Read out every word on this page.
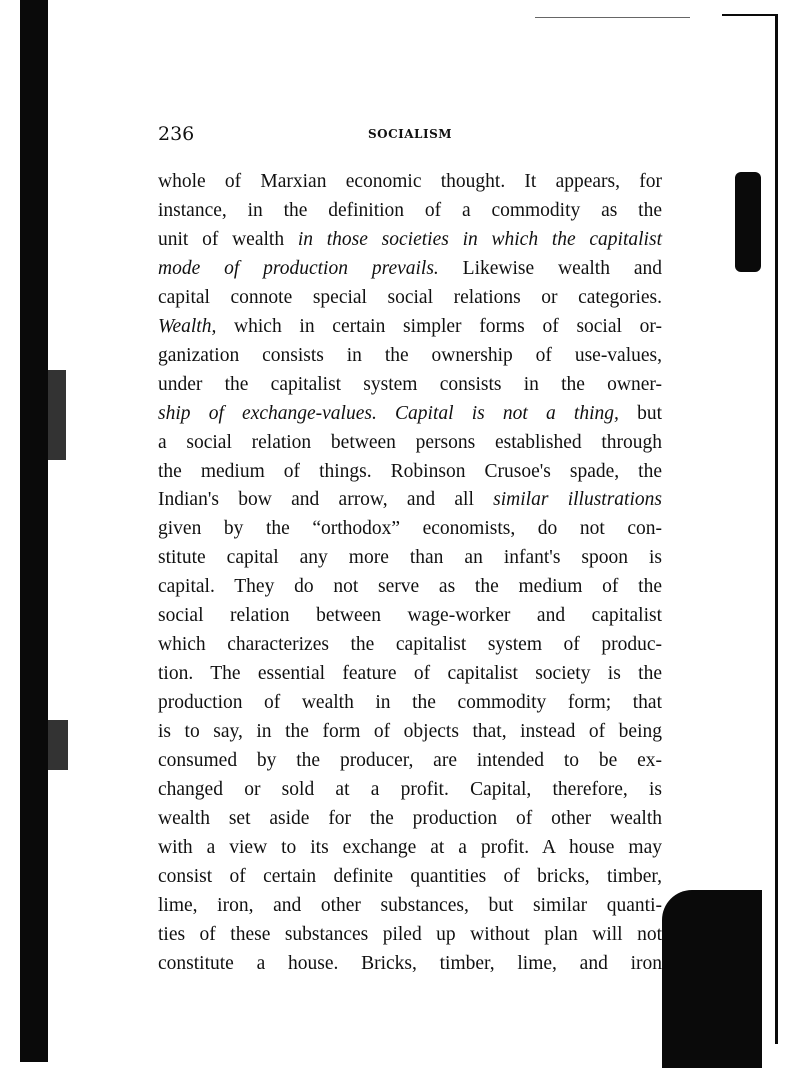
236	SOCIALISM
whole of Marxian economic thought. It appears, for
instance, in the definition of a commodity as the
unit of wealth in those societies in which the capitalist
mode of production prevails. Likewise wealth and
capital connote special social relations or categories.
Wealth, which in certain simpler forms of social or-
ganization consists in the ownership of use-values,
under the capitalist system consists in the owner-
ship of exchange-values. Capital is not a thing, but
a social relation between persons established through
the medium of things. Robinson Crusoe's spade, the
Indian's bow and arrow, and all similar illustrations
given by the “orthodox” economists, do not con-
stitute capital any more than an infant's spoon is
capital. They do not serve as the medium of the
social relation between wage-worker and capitalist
which characterizes the capitalist system of produc-
tion. The essential feature of capitalist society is the
production of wealth in the commodity form; that
is to say, in the form of objects that, instead of being
consumed by the producer, are intended to be ex-
changed or sold at a profit. Capital, therefore, is
wealth set aside for the production of other wealth
with a view to its exchange at a profit. A house may
consist of certain definite quantities of bricks, timber,
lime, iron, and other substances, but similar quanti-
ties of these substances piled up without plan will not
constitute a house. Bricks, timber, lime, and iron
